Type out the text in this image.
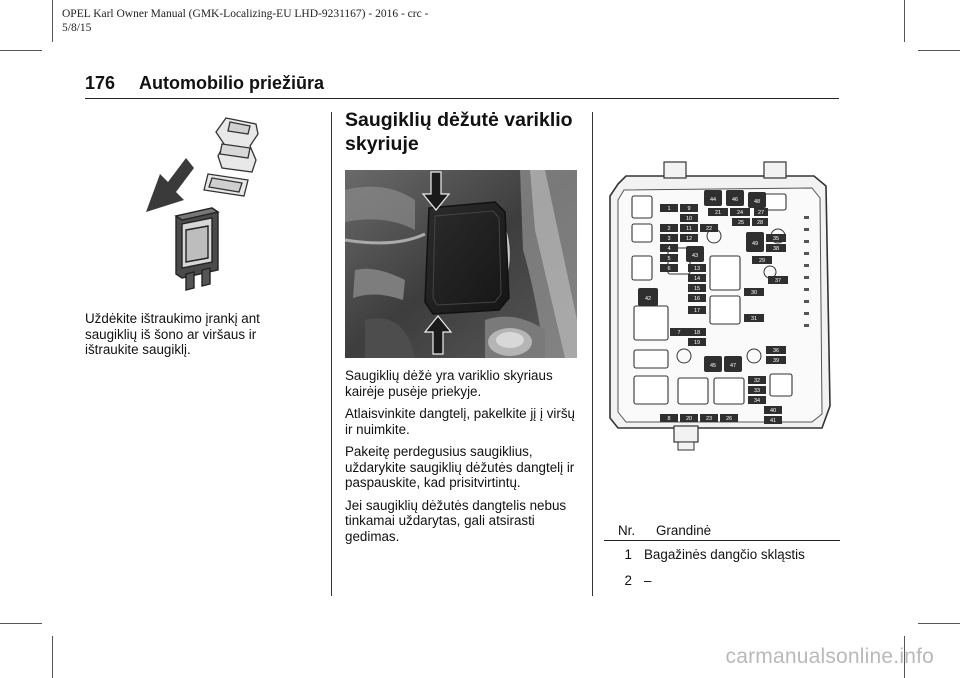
OPEL Karl Owner Manual (GMK-Localizing-EU LHD-9231167) - 2016 - crc -
5/8/15
176 Automobilio priežiūra
Uždėkite ištraukimo įrankį ant saugiklių iš šono ar viršaus ir ištraukite saugiklį.
Saugiklių dėžutė variklio skyriuje

Saugiklių dėžė yra variklio skyriaus kairėje pusėje priekyje.

Atlaisvinkite dangtelį, pakelkite jį į viršų ir nuimkite.

Pakeitę perdegusius saugiklius, uždarykite saugiklių dėžutės dangtelį ir paspauskite, kad prisitvirtintų.

Jei saugiklių dėžutės dangtelis nebus tinkamai uždarytas, gali atsirasti gedimas.

1	9
10
2	11	22
3	12
4
5
6	13
14
15
16
17
7 18
19
8	20	23	26
21	24	27
25 28
29
35
38
37
30
31
36
39
32
33
34
40
41
44	46	48
43
42
49
45	47
Nr.	Grandinė
1 Bagažinės dangčio skląstis
2 –
carmanualsonline.info
